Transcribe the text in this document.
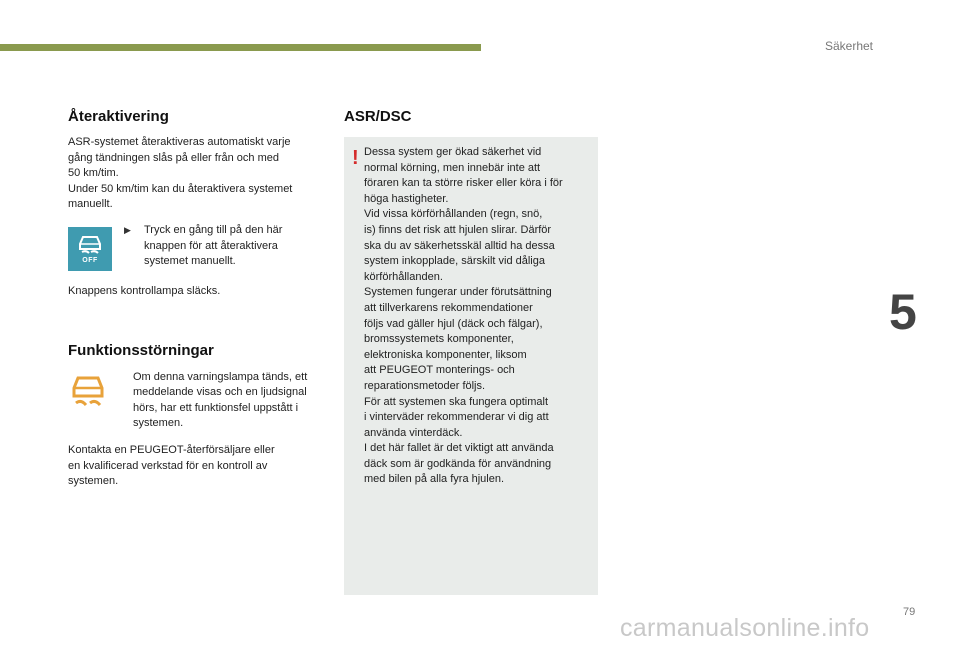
Säkerhet
5
Återaktivering

ASR-systemet återaktiveras automatiskt varje
gång tändningen slås på eller från och med
50 km/tim.
Under 50 km/tim kan du återaktivera systemet
manuellt.

OFF
▶	Tryck en gång till på den här
knappen för att återaktivera
systemet manuellt.

Knappens kontrollampa släcks.

Funktionsstörningar

Om denna varningslampa tänds, ett
meddelande visas och en ljudsignal
hörs, har ett funktionsfel uppstått i
systemen.

Kontakta en PEUGEOT-återförsäljare eller
en kvalificerad verkstad för en kontroll av
systemen.

ASR/DSC
! Dessa system ger ökad säkerhet vid
normal körning, men innebär inte att
föraren kan ta större risker eller köra i för
höga hastigheter.
Vid vissa körförhållanden (regn, snö,
is) finns det risk att hjulen slirar. Därför
ska du av säkerhetsskäl alltid ha dessa
system inkopplade, särskilt vid dåliga
körförhållanden.
Systemen fungerar under förutsättning
att tillverkarens rekommendationer
följs vad gäller hjul (däck och fälgar),
bromssystemets komponenter,
elektroniska komponenter, liksom
att PEUGEOT monterings- och
reparationsmetoder följs.
För att systemen ska fungera optimalt
i vinterväder rekommenderar vi dig att
använda vinterdäck.
I det här fallet är det viktigt att använda
däck som är godkända för användning
med bilen på alla fyra hjulen.

79
carmanualsonline.info
